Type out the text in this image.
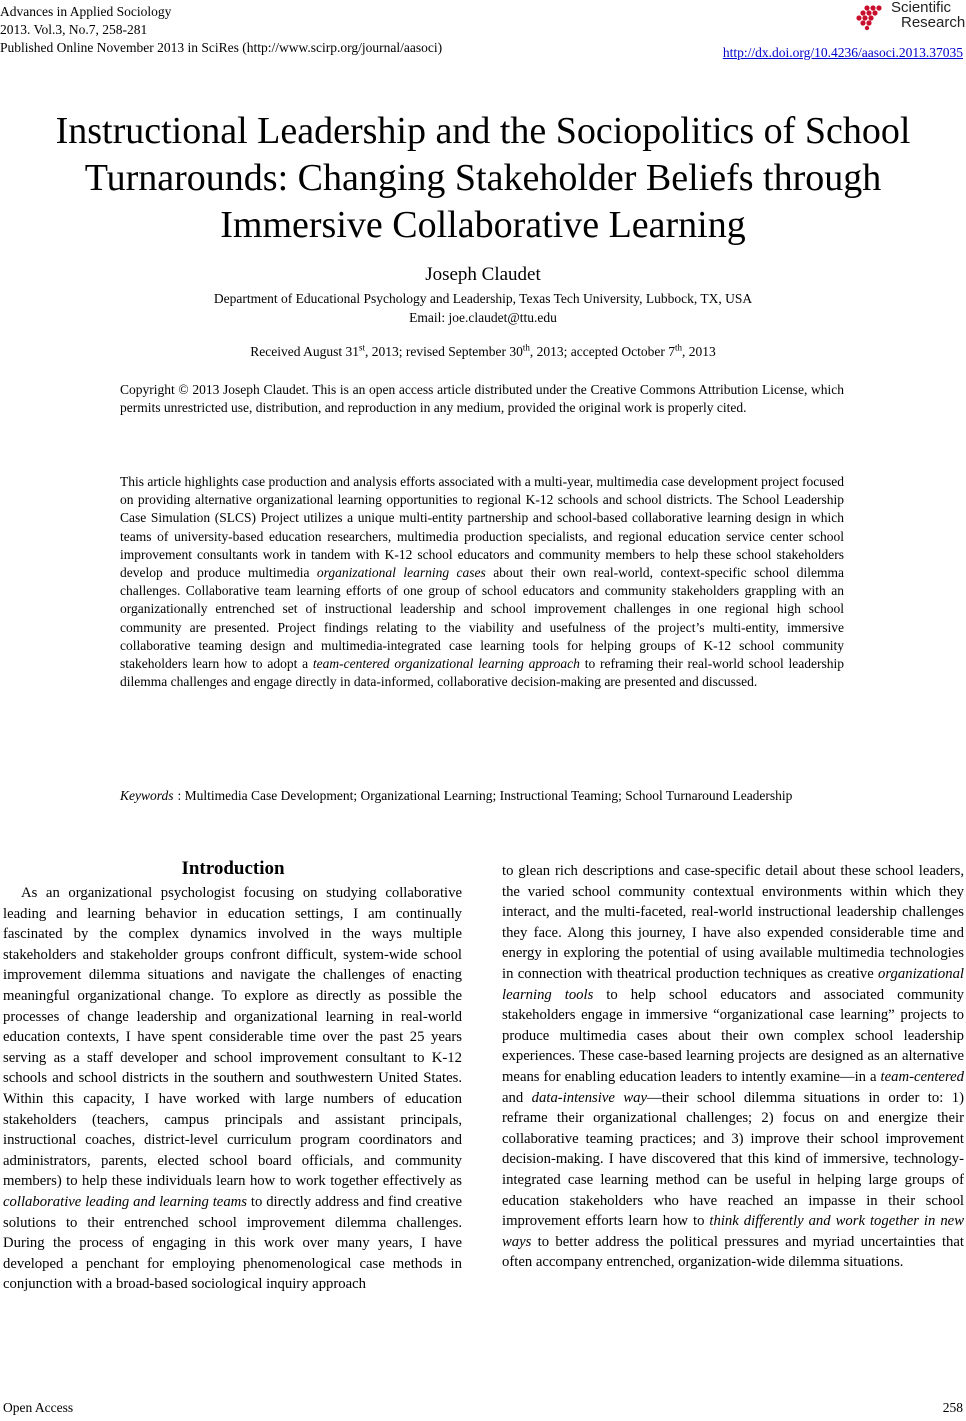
Advances in Applied Sociology
2013. Vol.3, No.7, 258-281
Published Online November 2013 in SciRes (http://www.scirp.org/journal/aasoci)	http://dx.doi.org/10.4236/aasoci.2013.37035
Scientific
Research
Instructional Leadership and the Sociopolitics of School Turnarounds: Changing Stakeholder Beliefs through Immersive Collaborative Learning
Joseph Claudet
Department of Educational Psychology and Leadership, Texas Tech University, Lubbock, TX, USA
Email: joe.claudet@ttu.edu
Received August 31st, 2013; revised September 30th, 2013; accepted October 7th, 2013
Copyright © 2013 Joseph Claudet. This is an open access article distributed under the Creative Commons Attribution License, which permits unrestricted use, distribution, and reproduction in any medium, provided the original work is properly cited.
This article highlights case production and analysis efforts associated with a multi-year, multimedia case development project focused on providing alternative organizational learning opportunities to regional K-12 schools and school districts. The School Leadership Case Simulation (SLCS) Project utilizes a unique multi-entity partnership and school-based collaborative learning design in which teams of university-based education researchers, multimedia production specialists, and regional education service center school improvement consultants work in tandem with K-12 school educators and community members to help these school stakeholders develop and produce multimedia organizational learning cases about their own real-world, context-specific school dilemma challenges. Collaborative team learning efforts of one group of school educators and community stakeholders grappling with an organizationally entrenched set of instructional leadership and school improvement challenges in one regional high school community are presented. Project findings relating to the viability and usefulness of the project’s multi-entity, immersive collaborative teaming design and multimedia-integrated case learning tools for helping groups of K-12 school community stakeholders learn how to adopt a team-centered organizational learning approach to reframing their real-world school leadership dilemma challenges and engage directly in data-informed, collaborative decision-making are presented and discussed.
Keywords : Multimedia Case Development; Organizational Learning; Instructional Teaming; School Turnaround Leadership
Introduction

As an organizational psychologist focusing on studying collaborative leading and learning behavior in education settings, I am continually fascinated by the complex dynamics involved in the ways multiple stakeholders and stakeholder groups confront difficult, system-wide school improvement dilemma situations and navigate the challenges of enacting meaningful organizational change. To explore as directly as possible the processes of change leadership and organizational learning in real-world education contexts, I have spent considerable time over the past 25 years serving as a staff developer and school improvement consultant to K-12 schools and school districts in the southern and southwestern United States. Within this capacity, I have worked with large numbers of education stakeholders (teachers, campus principals and assistant principals, instructional coaches, district-level curriculum program coordinators and administrators, parents, elected school board officials, and community members) to help these individuals learn how to work together effectively as collaborative leading and learning teams to directly address and find creative solutions to their entrenched school improvement dilemma challenges. During the process of engaging in this work over many years, I have developed a penchant for employing phenomenological case methods in conjunction with a broad-based sociological inquiry approach

to glean rich descriptions and case-specific detail about these school leaders, the varied school community contextual environments within which they interact, and the multi-faceted, real-world instructional leadership challenges they face. Along this journey, I have also expended considerable time and energy in exploring the potential of using available multimedia technologies in connection with theatrical production techniques as creative organizational learning tools to help school educators and associated community stakeholders engage in immersive “organizational case learning” projects to produce multimedia cases about their own complex school leadership experiences. These case-based learning projects are designed as an alternative means for enabling education leaders to intently examine—in a team-centered and data-intensive way—their school dilemma situations in order to: 1) reframe their organizational challenges; 2) focus on and energize their collaborative teaming practices; and 3) improve their school improvement decision-making. I have discovered that this kind of immersive, technology-integrated case learning method can be useful in helping large groups of education stakeholders who have reached an impasse in their school improvement efforts learn how to think differently and work together in new ways to better address the political pressures and myriad uncertainties that often accompany entrenched, organization-wide dilemma situations.

Open Access	258
